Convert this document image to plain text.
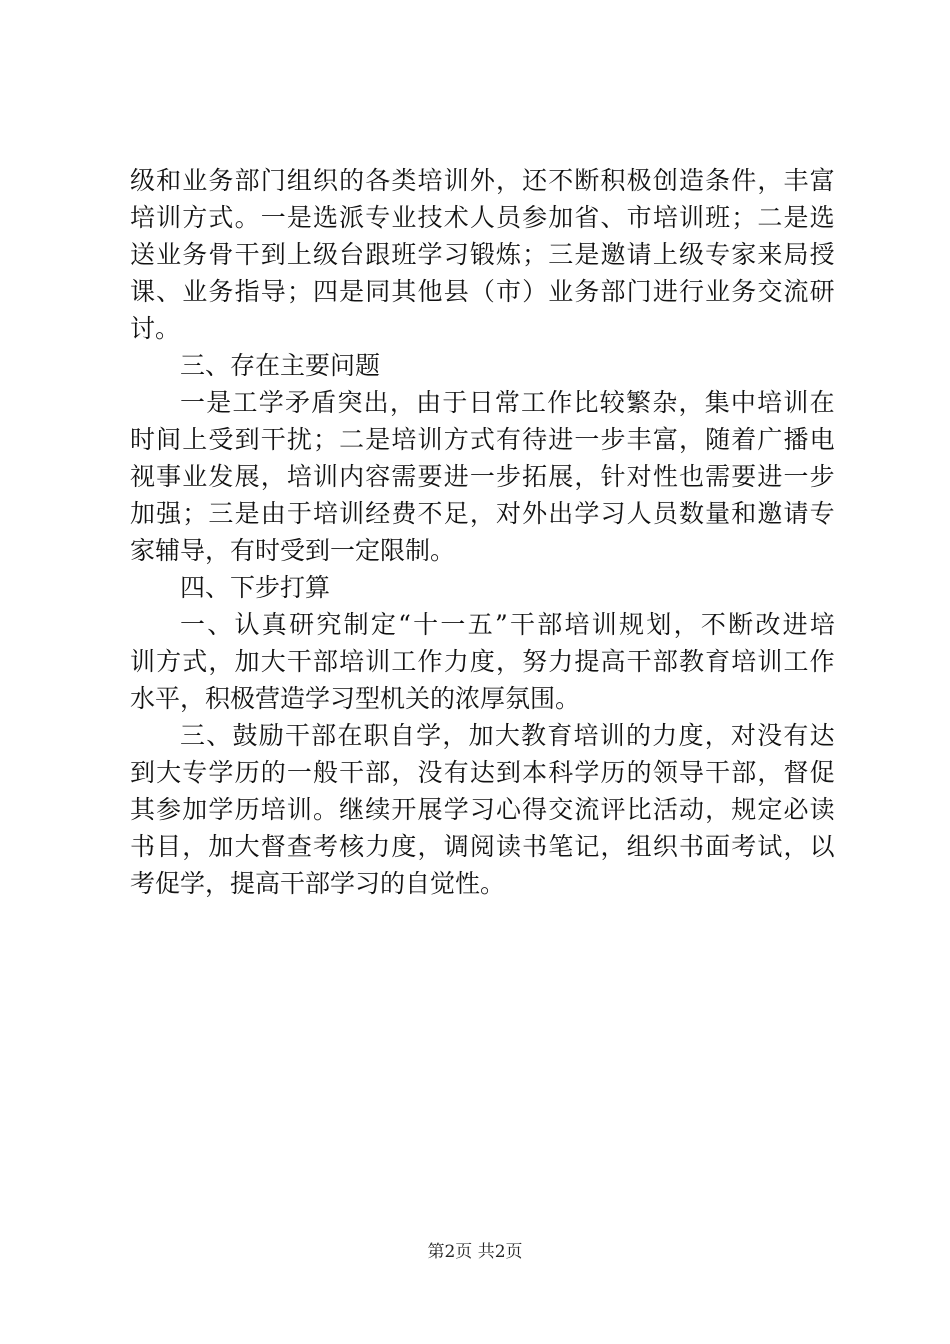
级 和 业 务 部 门 组 织 的 各 类 培 训 外 ， 还 不 断 积 极 创 造 条 件 ， 丰 富
培 训 方 式 。 一 是 选 派 专 业 技 术 人 员 参 加 省 、 市 培 训 班 ； 二 是 选
送 业 务 骨 干 到 上 级 台 跟 班 学 习 锻 炼 ； 三 是 邀 请 上 级 专 家 来 局 授
课 、 业 务 指 导 ； 四 是 同 其 他 县 （ 市 ） 业 务 部 门 进 行 业 务 交 流 研
讨。
三、存在主要问题
一 是 工 学 矛 盾 突 出 ， 由 于 日 常 工 作 比 较 繁 杂 ， 集 中 培 训 在
时 间 上 受 到 干 扰 ； 二 是 培 训 方 式 有 待 进 一 步 丰 富 ， 随 着 广 播 电
视 事 业 发 展 ， 培 训 内 容 需 要 进 一 步 拓 展 ， 针 对 性 也 需 要 进 一 步
加 强 ； 三 是 由 于 培 训 经 费 不 足 ， 对 外 出 学 习 人 员 数 量 和 邀 请 专
家辅导，有时受到一定限制。
四、下步打算
一 、 认 真 研 究 制 定 “ 十 一 五 ” 干 部 培 训 规 划 ， 不 断 改 进 培
训 方 式 ， 加 大 干 部 培 训 工 作 力 度 ， 努 力 提 高 干 部 教 育 培 训 工 作
水平，积极营造学习型机关的浓厚氛围。
三 、 鼓 励 干 部 在 职 自 学 ， 加 大 教 育 培 训 的 力 度 ， 对 没 有 达
到 大 专 学 历 的 一 般 干 部 ， 没 有 达 到 本 科 学 历 的 领 导 干 部 ， 督 促
其 参 加 学 历 培 训 。 继 续 开 展 学 习 心 得 交 流 评 比 活 动 ， 规 定 必 读
书 目 ， 加 大 督 查 考 核 力 度 ， 调 阅 读 书 笔 记 ， 组 织 书 面 考 试 ， 以
考促学，提高干部学习的自觉性。
第2页 共2页
